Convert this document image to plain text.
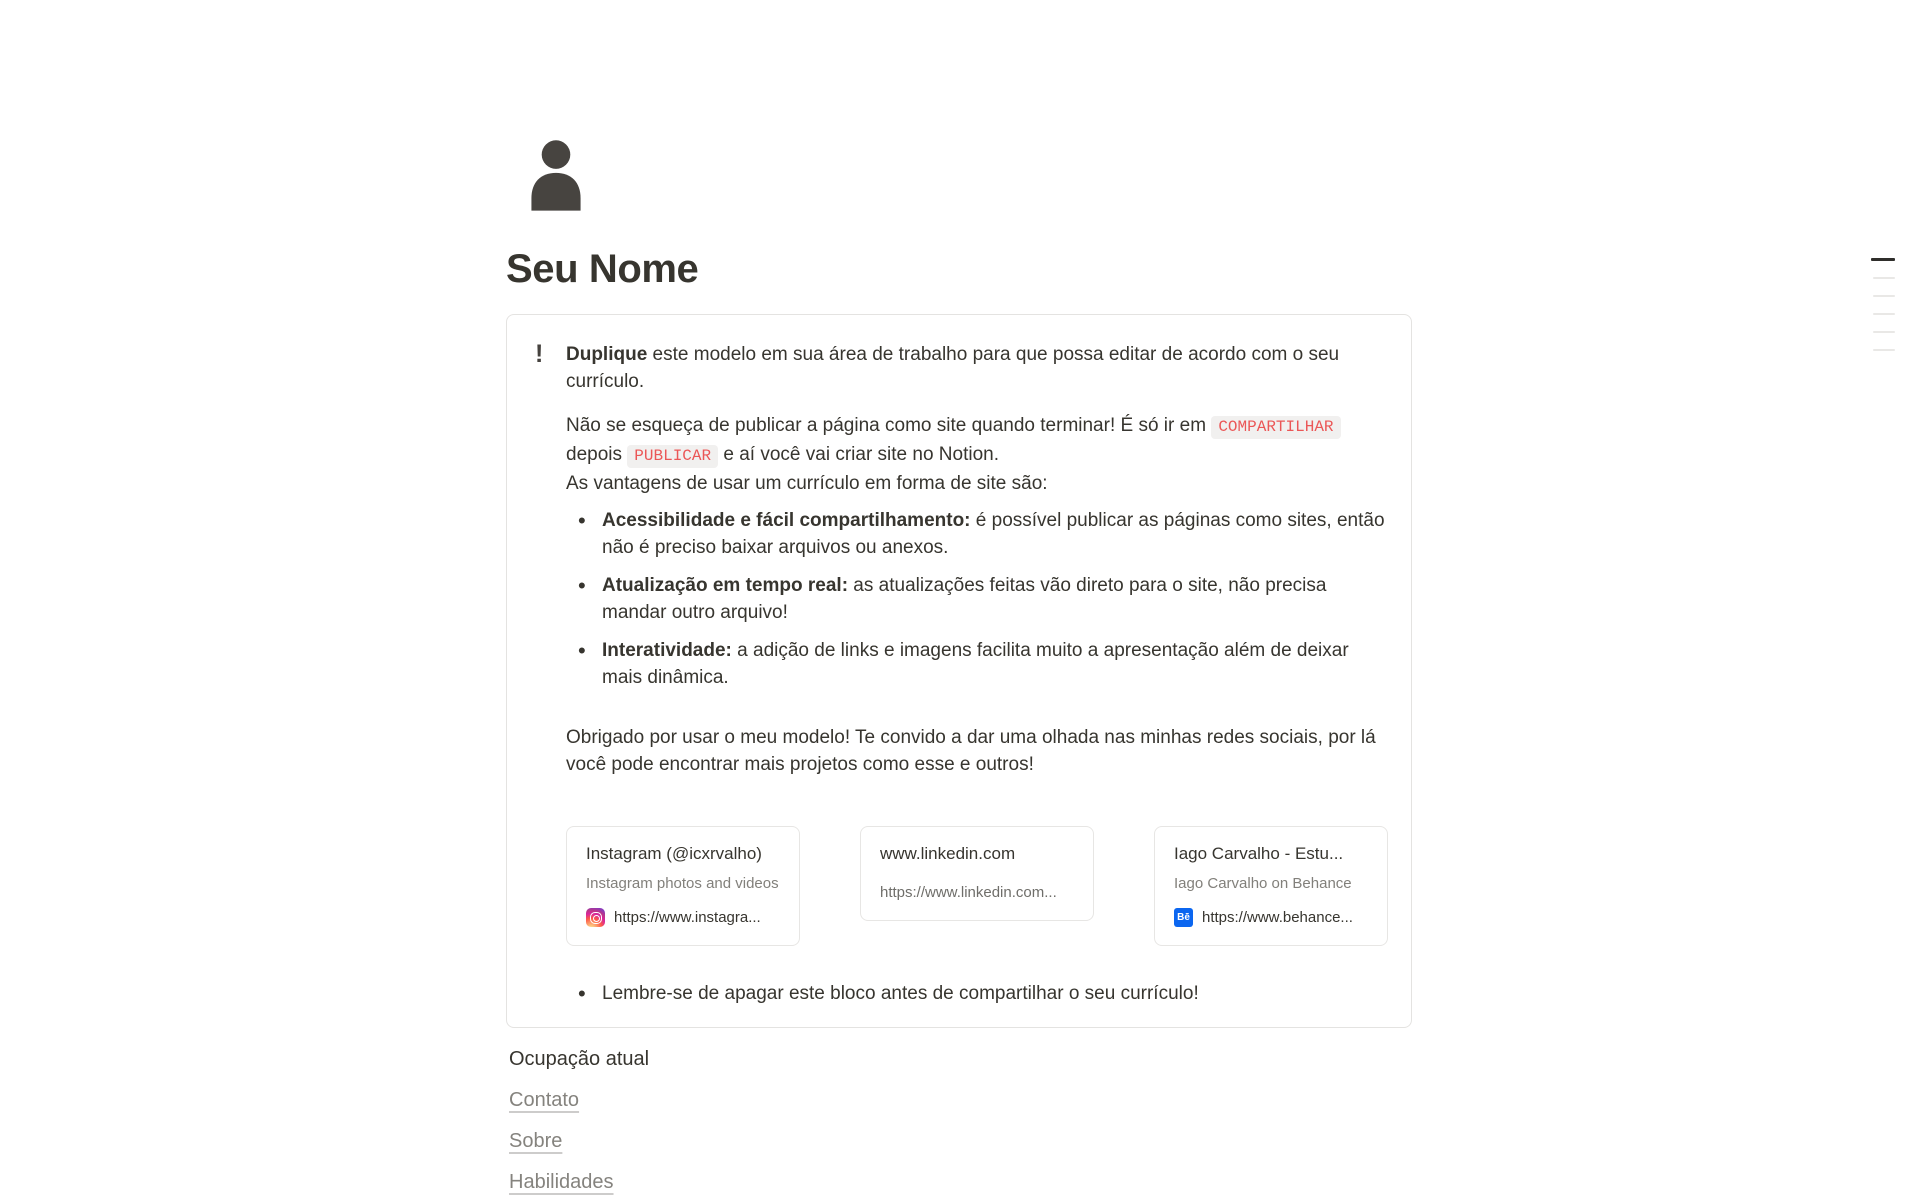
Seu Nome
!	Duplique este modelo em sua área de trabalho para que possa editar de acordo com o seu currículo.

Não se esqueça de publicar a página como site quando terminar! É só ir em COMPARTILHAR depois PUBLICAR e aí você vai criar site no Notion.
As vantagens de usar um currículo em forma de site são:

• Acessibilidade e fácil compartilhamento: é possível publicar as páginas como sites, então não é preciso baixar arquivos ou anexos.
• Atualização em tempo real: as atualizações feitas vão direto para o site, não precisa mandar outro arquivo!
• Interatividade: a adição de links e imagens facilita muito a apresentação além de deixar mais dinâmica.

Obrigado por usar o meu modelo! Te convido a dar uma olhada nas minhas redes sociais, por lá você pode encontrar mais projetos como esse e outros!

Instagram (@icxrvalho)
Instagram photos and videos
https://www.instagra...
www.linkedin.com
https://www.linkedin.com...
Iago Carvalho - Estu...
Iago Carvalho on Behance
Bē https://www.behance...
• Lembre-se de apagar este bloco antes de compartilhar o seu currículo!
Ocupação atual
Contato
Sobre
Habilidades
